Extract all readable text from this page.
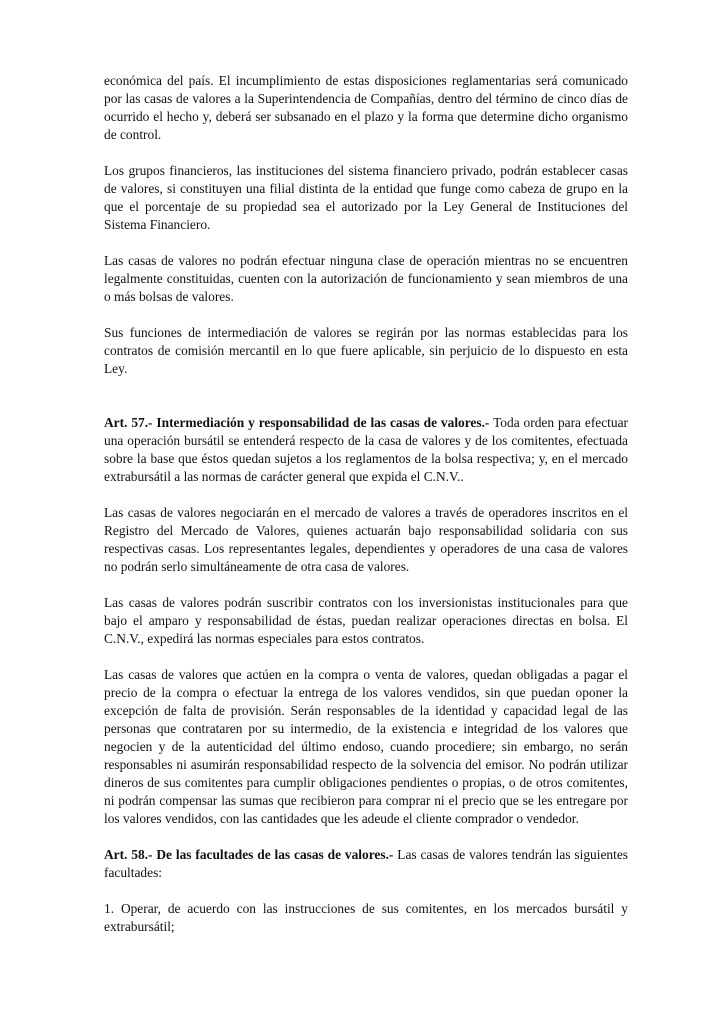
económica del país. El incumplimiento de estas disposiciones reglamentarias será comunicado por las casas de valores a la Superintendencia de Compañías, dentro del término de cinco días de ocurrido el hecho y, deberá ser subsanado en el plazo y la forma que determine dicho organismo de control.

Los grupos financieros, las instituciones del sistema financiero privado, podrán establecer casas de valores, si constituyen una filial distinta de la entidad que funge como cabeza de grupo en la que el porcentaje de su propiedad sea el autorizado por la Ley General de Instituciones del Sistema Financiero.

Las casas de valores no podrán efectuar ninguna clase de operación mientras no se encuentren legalmente constituidas, cuenten con la autorización de funcionamiento y sean miembros de una o más bolsas de valores.

Sus funciones de intermediación de valores se regirán por las normas establecidas para los contratos de comisión mercantil en lo que fuere aplicable, sin perjuicio de lo dispuesto en esta Ley.

Art. 57.- Intermediación y responsabilidad de las casas de valores.- Toda orden para efectuar una operación bursátil se entenderá respecto de la casa de valores y de los comitentes, efectuada sobre la base que éstos quedan sujetos a los reglamentos de la bolsa respectiva; y, en el mercado extrabursátil a las normas de carácter general que expida el C.N.V..

Las casas de valores negociarán en el mercado de valores a través de operadores inscritos en el Registro del Mercado de Valores, quienes actuarán bajo responsabilidad solidaria con sus respectivas casas. Los representantes legales, dependientes y operadores de una casa de valores no podrán serlo simultáneamente de otra casa de valores.

Las casas de valores podrán suscribir contratos con los inversionistas institucionales para que bajo el amparo y responsabilidad de éstas, puedan realizar operaciones directas en bolsa. El C.N.V., expedirá las normas especiales para estos contratos.

Las casas de valores que actúen en la compra o venta de valores, quedan obligadas a pagar el precio de la compra o efectuar la entrega de los valores vendidos, sin que puedan oponer la excepción de falta de provisión. Serán responsables de la identidad y capacidad legal de las personas que contrataren por su intermedio, de la existencia e integridad de los valores que negocien y de la autenticidad del último endoso, cuando procediere; sin embargo, no serán responsables ni asumirán responsabilidad respecto de la solvencia del emisor. No podrán utilizar dineros de sus comitentes para cumplir obligaciones pendientes o propias, o de otros comitentes, ni podrán compensar las sumas que recibieron para comprar ni el precio que se les entregare por los valores vendidos, con las cantidades que les adeude el cliente comprador o vendedor.

Art. 58.- De las facultades de las casas de valores.- Las casas de valores tendrán las siguientes facultades:

1. Operar, de acuerdo con las instrucciones de sus comitentes, en los mercados bursátil y extrabursátil;
